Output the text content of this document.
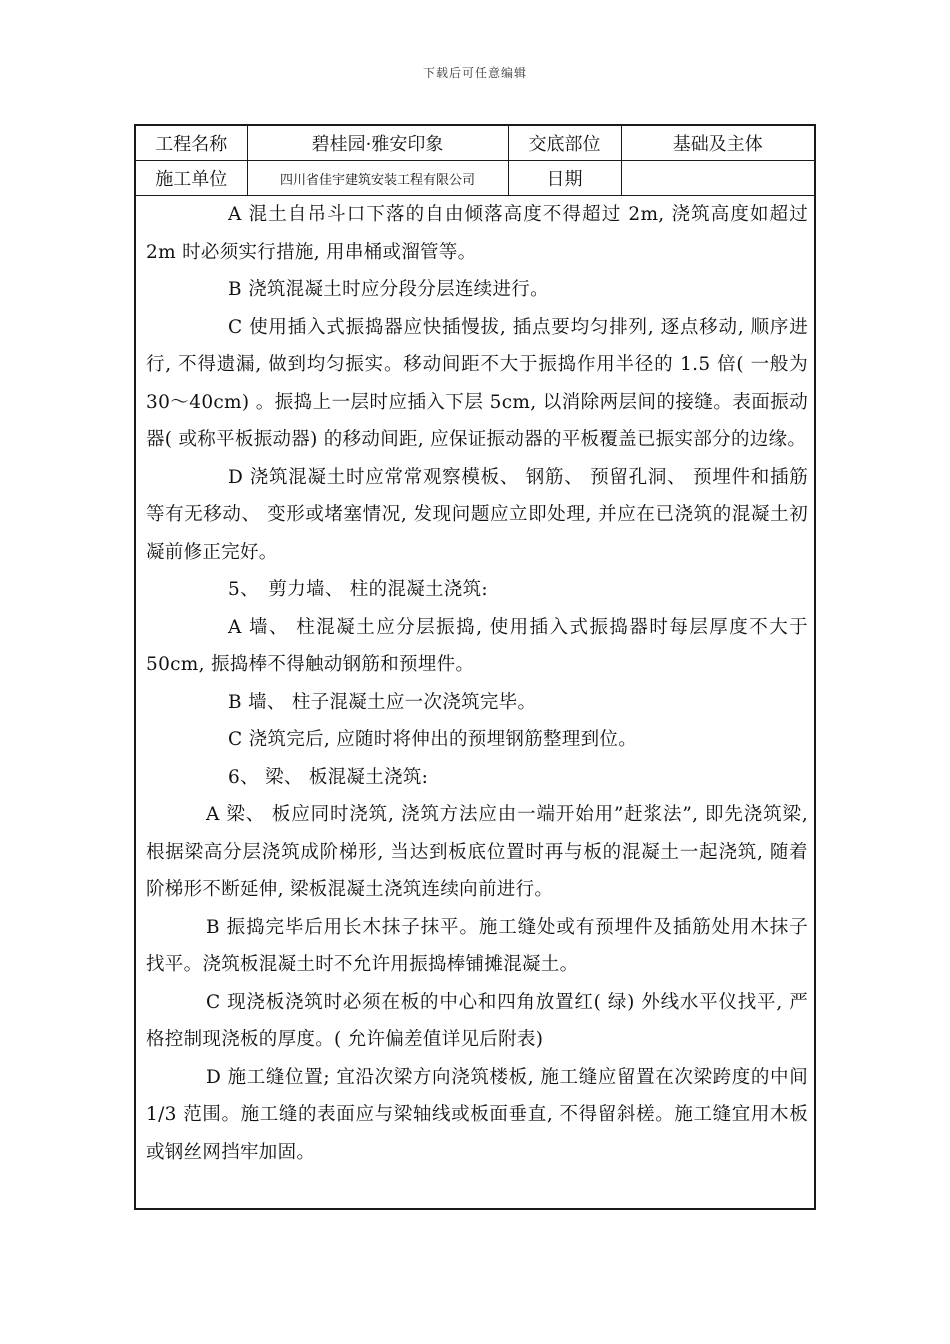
下载后可任意编辑
工程名称	碧桂园·雅安印象	交底部位	基础及主体
施工单位	四川省佳宇建筑安装工程有限公司	日期	

A 混土自吊斗口下落的自由倾落高度不得超过 2m, 浇筑高度如超过 2m 时必须实行措施, 用串桶或溜管等。

B 浇筑混凝土时应分段分层连续进行。

C 使用插入式振捣器应快插慢拔, 插点要均匀排列, 逐点移动, 顺序进行, 不得遗漏, 做到均匀振实。移动间距不大于振捣作用半径的 1.5 倍( 一般为 30～40cm) 。振捣上一层时应插入下层 5cm, 以消除两层间的接缝。表面振动器( 或称平板振动器) 的移动间距, 应保证振动器的平板覆盖已振实部分的边缘。

D 浇筑混凝土时应常常观察模板、 钢筋、 预留孔洞、 预埋件和插筋等有无移动、 变形或堵塞情况, 发现问题应立即处理, 并应在已浇筑的混凝土初凝前修正完好。

5、　剪力墙、 柱的混凝土浇筑:

A 墙、 柱混凝土应分层振捣, 使用插入式振捣器时每层厚度不大于 50cm, 振捣棒不得触动钢筋和预埋件。

B 墙、 柱子混凝土应一次浇筑完毕。

C 浇筑完后, 应随时将伸出的预埋钢筋整理到位。

6、 梁、 板混凝土浇筑:

A 梁、 板应同时浇筑, 浇筑方法应由一端开始用”赶浆法”, 即先浇筑梁, 根据梁高分层浇筑成阶梯形, 当达到板底位置时再与板的混凝土一起浇筑, 随着阶梯形不断延伸, 梁板混凝土浇筑连续向前进行。

B 振捣完毕后用长木抹子抹平。施工缝处或有预埋件及插筋处用木抹子找平。浇筑板混凝土时不允许用振捣棒铺摊混凝土。

C 现浇板浇筑时必须在板的中心和四角放置红( 绿) 外线水平仪找平, 严格控制现浇板的厚度。( 允许偏差值详见后附表)

D 施工缝位置; 宜沿次梁方向浇筑楼板, 施工缝应留置在次梁跨度的中间 1/3 范围。施工缝的表面应与梁轴线或板面垂直, 不得留斜槎。施工缝宜用木板或钢丝网挡牢加固。
